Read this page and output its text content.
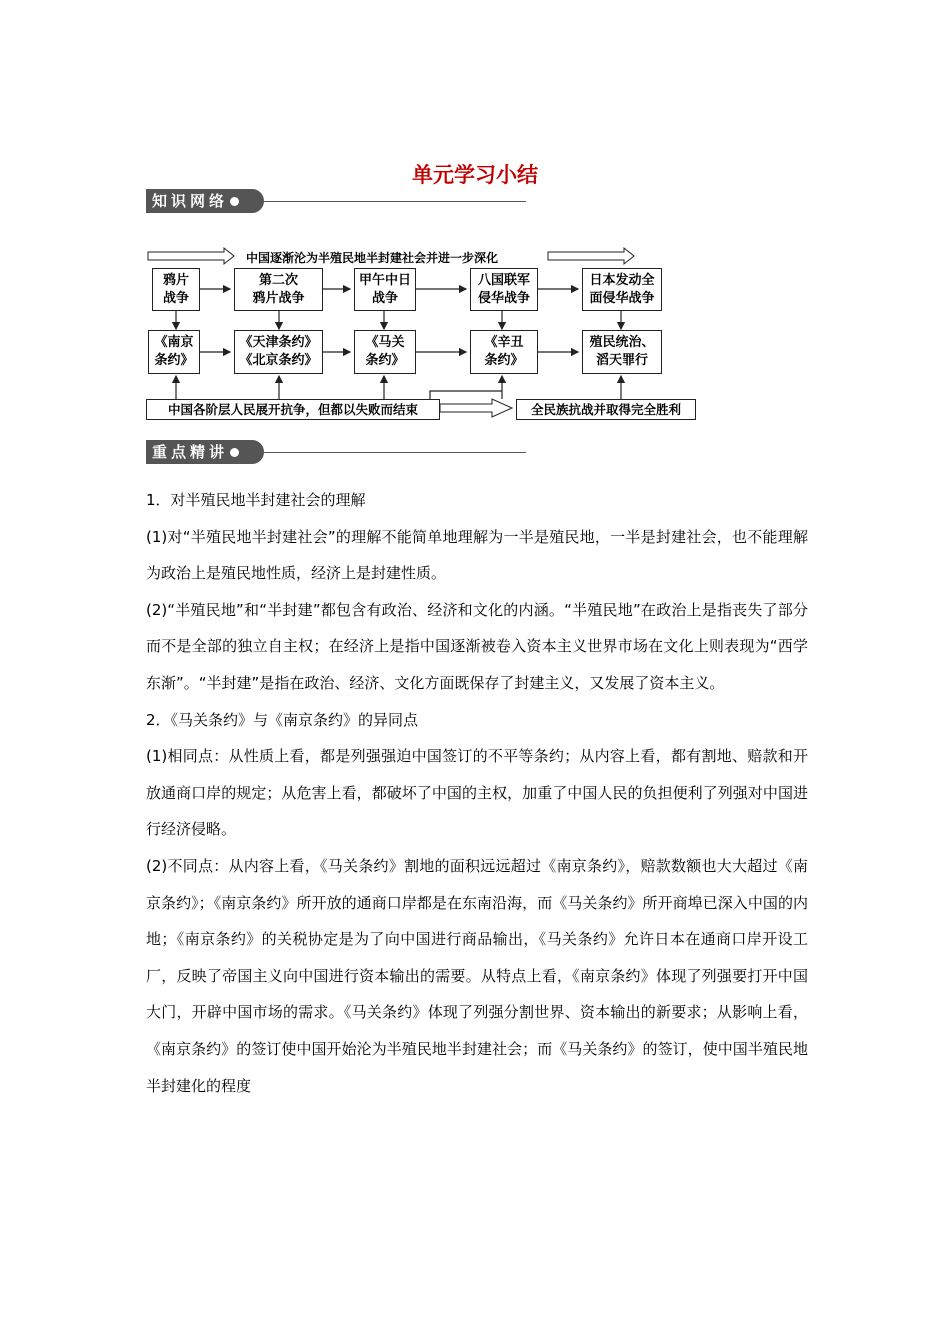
单元学习小结
知识网络
中国逐渐沦为半殖民地半封建社会并进一步深化
鸦片
战争
第二次
鸦片战争
甲午中日
战争
八国联军
侵华战争
日本发动全
面侵华战争
《南京
条约》
《天津条约》
《北京条约》
《马关
条约》
《辛丑
条约》
殖民统治、
滔天罪行
中国各阶层人民展开抗争，但都以失败而结束	全民族抗战并取得完全胜利
重点精讲

1．对半殖民地半封建社会的理解

(1)对“半殖民地半封建社会”的理解不能简单地理解为一半是殖民地，一半是封建社会，也不能理解为政治上是殖民地性质，经济上是封建性质。

(2)“半殖民地”和“半封建”都包含有政治、经济和文化的内涵。“半殖民地”在政治上是指丧失了部分而不是全部的独立自主权；在经济上是指中国逐渐被卷入资本主义世界市场在文化上则表现为“西学东渐”。“半封建”是指在政治、经济、文化方面既保存了封建主义，又发展了资本主义。

2．《马关条约》与《南京条约》的异同点

(1)相同点：从性质上看，都是列强强迫中国签订的不平等条约；从内容上看，都有割地、赔款和开放通商口岸的规定；从危害上看，都破坏了中国的主权，加重了中国人民的负担便利了列强对中国进行经济侵略。

(2)不同点：从内容上看，《马关条约》割地的面积远远超过《南京条约》，赔款数额也大大超过《南京条约》；《南京条约》所开放的通商口岸都是在东南沿海，而《马关条约》所开商埠已深入中国的内地；《南京条约》的关税协定是为了向中国进行商品输出，《马关条约》允许日本在通商口岸开设工厂，反映了帝国主义向中国进行资本输出的需要。从特点上看，《南京条约》体现了列强要打开中国大门，开辟中国市场的需求。《马关条约》体现了列强分割世界、资本输出的新要求；从影响上看，《南京条约》的签订使中国开始沦为半殖民地半封建社会；而《马关条约》的签订，使中国半殖民地半封建化的程度
